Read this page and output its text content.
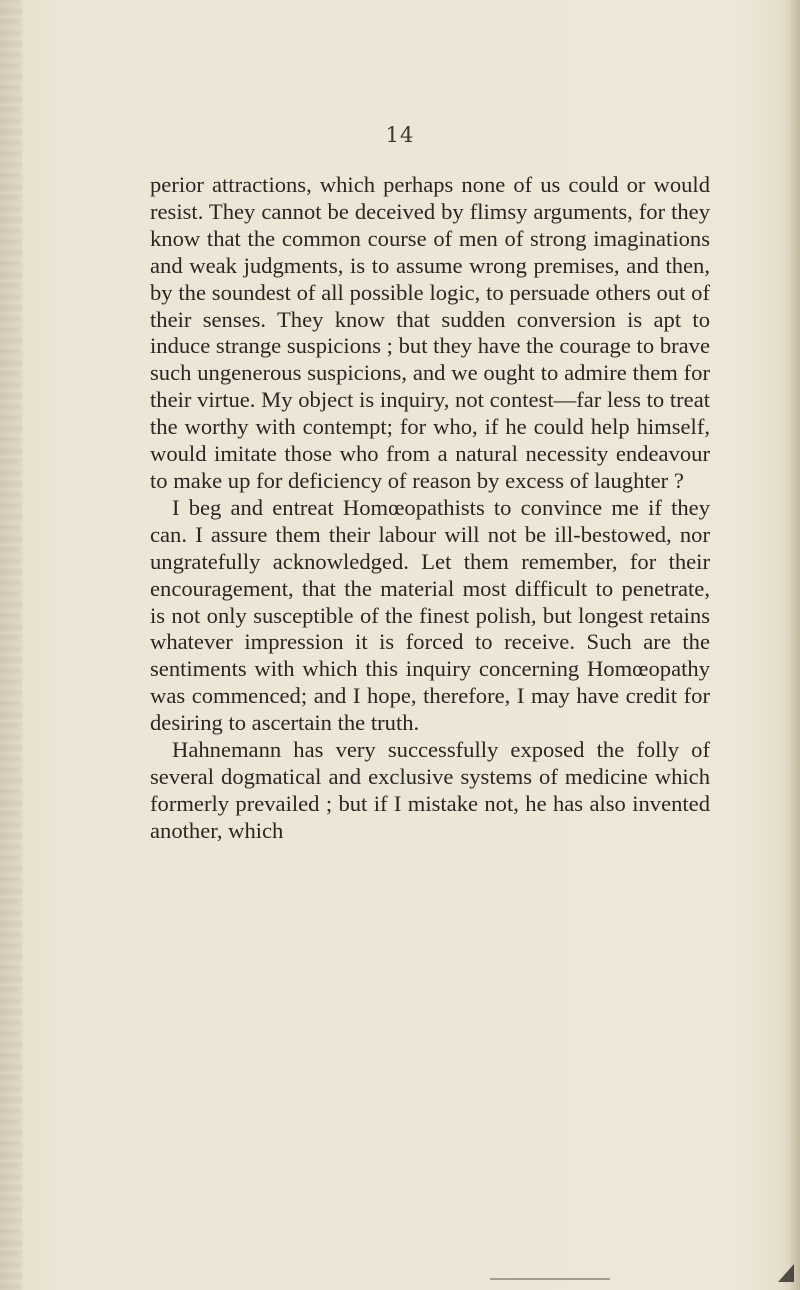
14

perior attractions, which perhaps none of us could or would resist. They cannot be deceived by flimsy arguments, for they know that the common course of men of strong imaginations and weak judgments, is to assume wrong premises, and then, by the soundest of all possible logic, to persuade others out of their senses. They know that sudden conversion is apt to induce strange suspicions ; but they have the courage to brave such ungenerous suspicions, and we ought to admire them for their virtue. My object is inquiry, not contest—far less to treat the worthy with contempt; for who, if he could help himself, would imitate those who from a natural necessity endeavour to make up for deficiency of reason by excess of laughter ?

I beg and entreat Homœopathists to convince me if they can. I assure them their labour will not be ill-bestowed, nor ungratefully acknowledged. Let them remember, for their encouragement, that the material most difficult to penetrate, is not only susceptible of the finest polish, but longest retains whatever impression it is forced to receive. Such are the sentiments with which this inquiry concerning Homœopathy was commenced; and I hope, therefore, I may have credit for desiring to ascertain the truth.

Hahnemann has very successfully exposed the folly of several dogmatical and exclusive systems of medicine which formerly prevailed ; but if I mistake not, he has also invented another, which
